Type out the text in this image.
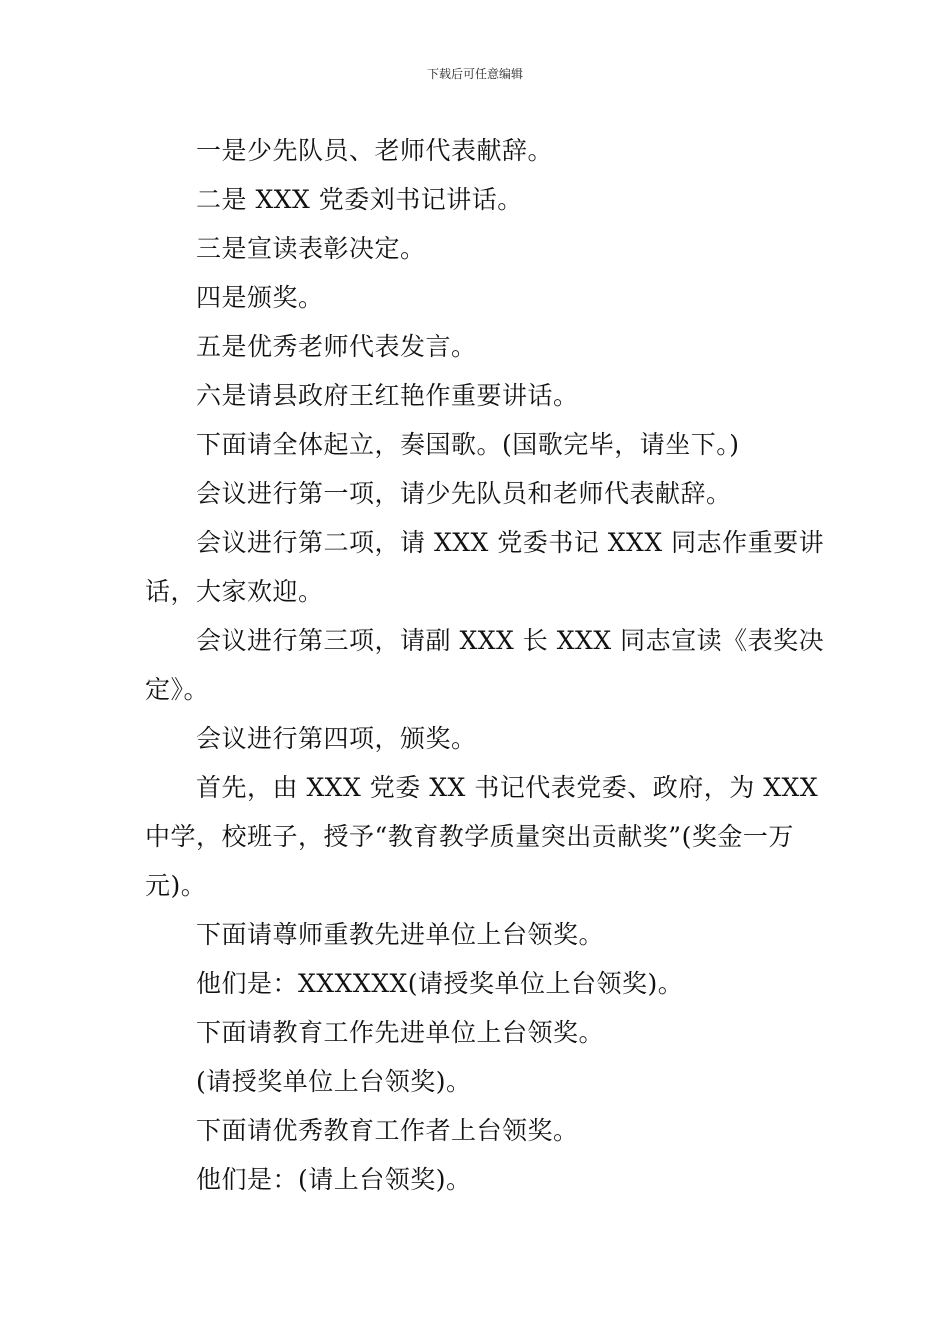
下载后可任意编辑

一是少先队员、老师代表献辞。

二是 XXX 党委刘书记讲话。

三是宣读表彰决定。

四是颁奖。

五是优秀老师代表发言。

六是请县政府王红艳作重要讲话。

下面请全体起立，奏国歌。(国歌完毕，请坐下。)

会议进行第一项，请少先队员和老师代表献辞。

会议进行第二项，请 XXX 党委书记 XXX 同志作重要讲话，大家欢迎。

会议进行第三项，请副 XXX 长 XXX 同志宣读《表奖决定》。

会议进行第四项，颁奖。

首先，由 XXX 党委 XX 书记代表党委、政府，为 XXX 中学，校班子，授予“教育教学质量突出贡献奖”(奖金一万元)。

下面请尊师重教先进单位上台领奖。

他们是：XXXXXX(请授奖单位上台领奖)。

下面请教育工作先进单位上台领奖。

(请授奖单位上台领奖)。

下面请优秀教育工作者上台领奖。

他们是：(请上台领奖)。
